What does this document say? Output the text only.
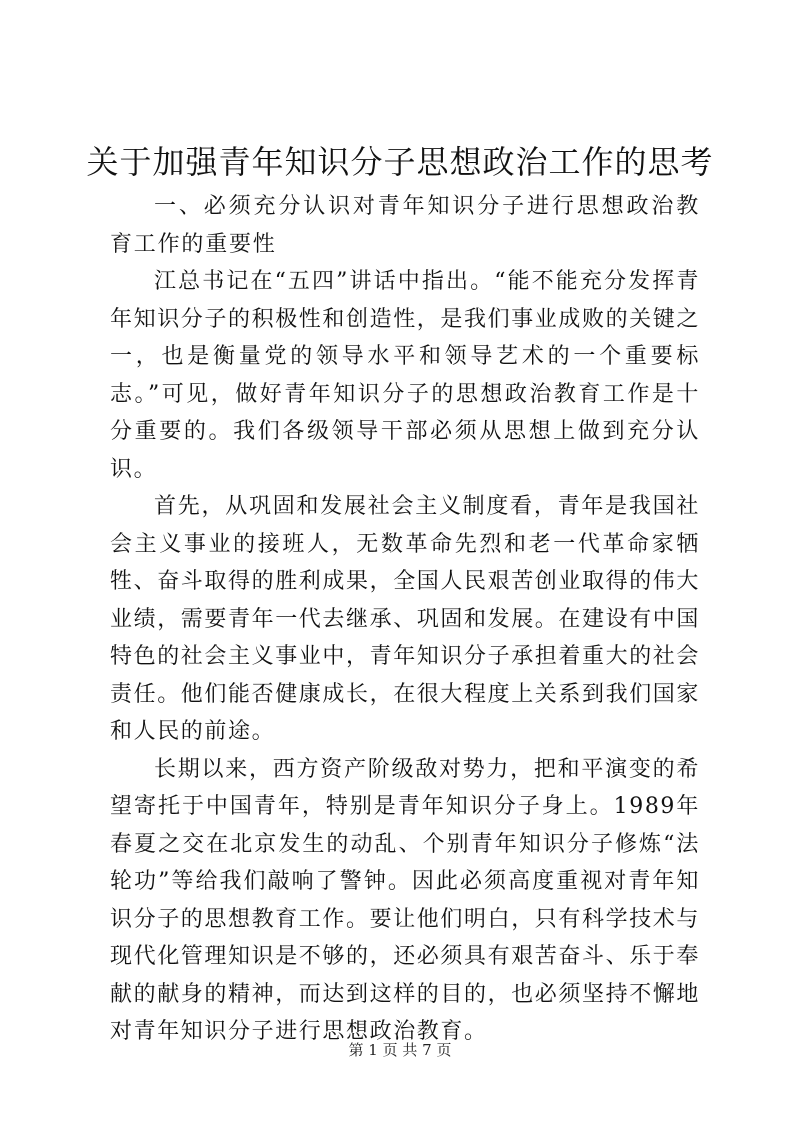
关于加强青年知识分子思想政治工作的思考

一、必须充分认识对青年知识分子进行思想政治教育工作的重要性

江总书记在“五四”讲话中指出。“能不能充分发挥青年知识分子的积极性和创造性，是我们事业成败的关键之一，也是衡量党的领导水平和领导艺术的一个重要标志。”可见，做好青年知识分子的思想政治教育工作是十分重要的。我们各级领导干部必须从思想上做到充分认识。

首先，从巩固和发展社会主义制度看，青年是我国社会主义事业的接班人，无数革命先烈和老一代革命家牺牲、奋斗取得的胜利成果，全国人民艰苦创业取得的伟大业绩，需要青年一代去继承、巩固和发展。在建设有中国特色的社会主义事业中，青年知识分子承担着重大的社会责任。他们能否健康成长，在很大程度上关系到我们国家和人民的前途。

长期以来，西方资产阶级敌对势力，把和平演变的希望寄托于中国青年，特别是青年知识分子身上。1989年春夏之交在北京发生的动乱、个别青年知识分子修炼“法轮功”等给我们敲响了警钟。因此必须高度重视对青年知识分子的思想教育工作。要让他们明白，只有科学技术与现代化管理知识是不够的，还必须具有艰苦奋斗、乐于奉献的献身的精神，而达到这样的目的，也必须坚持不懈地对青年知识分子进行思想政治教育。

第 1 页 共 7 页
